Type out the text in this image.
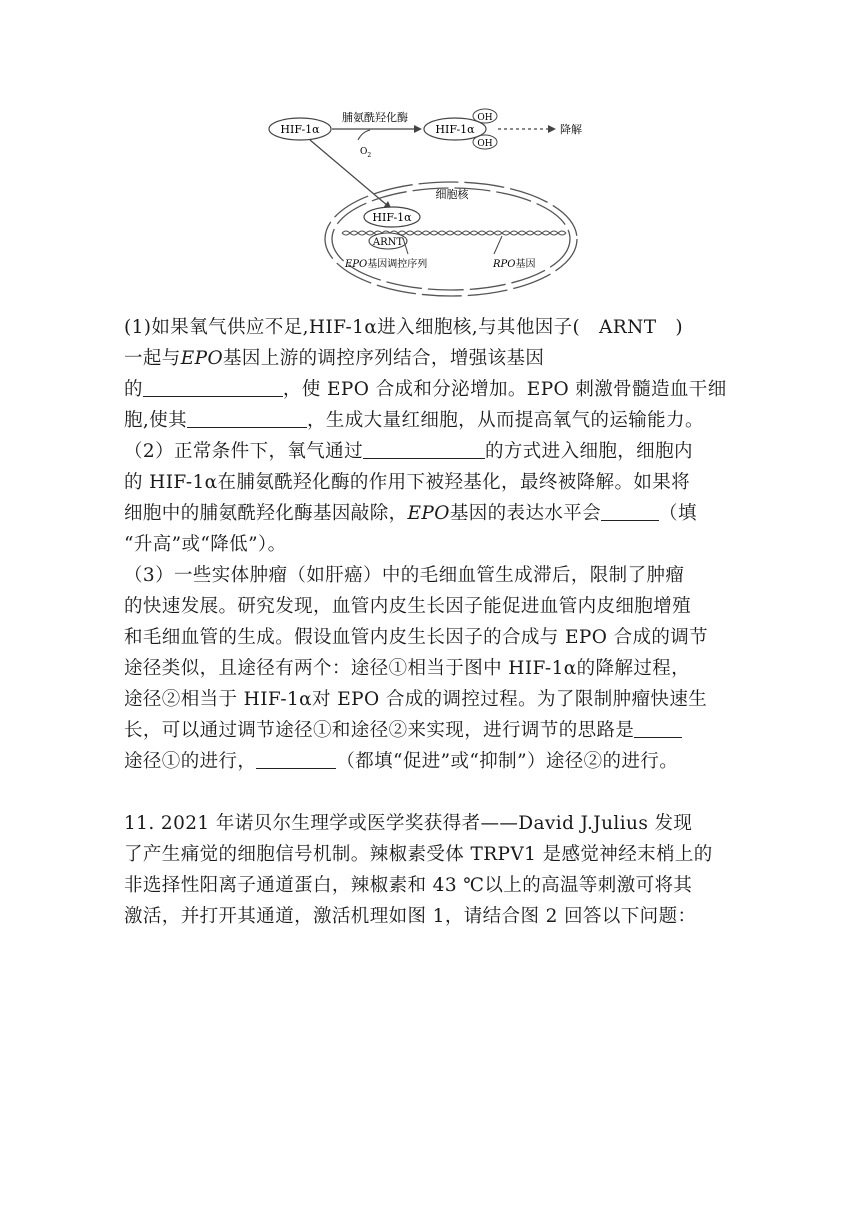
HIF-1α
脯氨酰羟化酶
$O_2$
HIF-1α
OH
OH
降解
细胞核
HIF-1α
ARNT
EPO基因调控序列	RPO基因
(1)如果氧气供应不足,HIF-1α进入细胞核,与其他因子(　ARNT　)
一起与EPO基因上游的调控序列结合，增强该基因
的	，使 EPO 合成和分泌增加。EPO 刺激骨髓造血干细
胞,使其	，生成大量红细胞，从而提高氧气的运输能力。
（2）正常条件下，氧气通过	的方式进入细胞，细胞内
的 HIF-1α在脯氨酰羟化酶的作用下被羟基化，最终被降解。如果将
细胞中的脯氨酰羟化酶基因敲除，EPO基因的表达水平会	（填
“升高”或“降低”）。
（3）一些实体肿瘤（如肝癌）中的毛细血管生成滞后，限制了肿瘤
的快速发展。研究发现，血管内皮生长因子能促进血管内皮细胞增殖
和毛细血管的生成。假设血管内皮生长因子的合成与 EPO 合成的调节
途径类似，且途径有两个：途径①相当于图中 HIF-1α的降解过程，
途径②相当于 HIF-1α对 EPO 合成的调控过程。为了限制肿瘤快速生
长，可以通过调节途径①和途径②来实现，进行调节的思路是
途径①的进行，	（都填“促进”或“抑制”）途径②的进行。
11. 2021 年诺贝尔生理学或医学奖获得者——David J.Julius 发现
了产生痛觉的细胞信号机制。辣椒素受体 TRPV1 是感觉神经末梢上的
非选择性阳离子通道蛋白，辣椒素和 43 ℃以上的高温等刺激可将其
激活，并打开其通道，激活机理如图 1，请结合图 2 回答以下问题：
